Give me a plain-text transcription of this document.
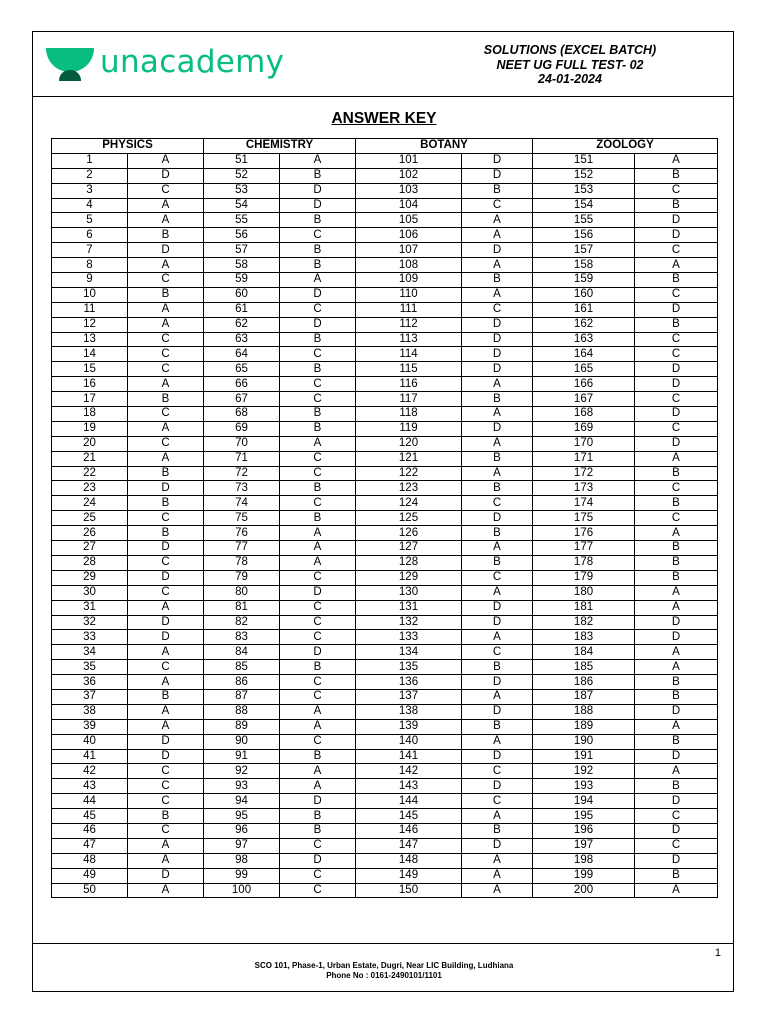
unacademy	SOLUTIONS (EXCEL BATCH)
NEET UG FULL TEST- 02
24-01-2024
ANSWER KEY
PHYSICS		CHEMISTRY		BOTANY		ZOOLOGY	
1	A	51	A	101	D	151	A
2	D	52	B	102	D	152	B
3	C	53	D	103	B	153	C
4	A	54	D	104	C	154	B
5	A	55	B	105	A	155	D
6	B	56	C	106	A	156	D
7	D	57	B	107	D	157	C
8	A	58	B	108	A	158	A
9	C	59	A	109	B	159	B
10	B	60	D	110	A	160	C
11	A	61	C	111	C	161	D
12	A	62	D	112	D	162	B
13	C	63	B	113	D	163	C
14	C	64	C	114	D	164	C
15	C	65	B	115	D	165	D
16	A	66	C	116	A	166	D
17	B	67	C	117	B	167	C
18	C	68	B	118	A	168	D
19	A	69	B	119	D	169	C
20	C	70	A	120	A	170	D
21	A	71	C	121	B	171	A
22	B	72	C	122	A	172	B
23	D	73	B	123	B	173	C
24	B	74	C	124	C	174	B
25	C	75	B	125	D	175	C
26	B	76	A	126	B	176	A
27	D	77	A	127	A	177	B
28	C	78	A	128	B	178	B
29	D	79	C	129	C	179	B
30	C	80	D	130	A	180	A
31	A	81	C	131	D	181	A
32	D	82	C	132	D	182	D
33	D	83	C	133	A	183	D
34	A	84	D	134	C	184	A
35	C	85	B	135	B	185	A
36	A	86	C	136	D	186	B
37	B	87	C	137	A	187	B
38	A	88	A	138	D	188	D
39	A	89	A	139	B	189	A
40	D	90	C	140	A	190	B
41	D	91	B	141	D	191	D
42	C	92	A	142	C	192	A
43	C	93	A	143	D	193	B
44	C	94	D	144	C	194	D
45	B	95	B	145	A	195	C
46	C	96	B	146	B	196	D
47	A	97	C	147	D	197	C
48	A	98	D	148	A	198	D
49	D	99	C	149	A	199	B
50	A	100	C	150	A	200	A
1
SCO 101, Phase-1, Urban Estate, Dugri, Near LIC Building, Ludhiana
Phone No : 0161-2490101/1101
